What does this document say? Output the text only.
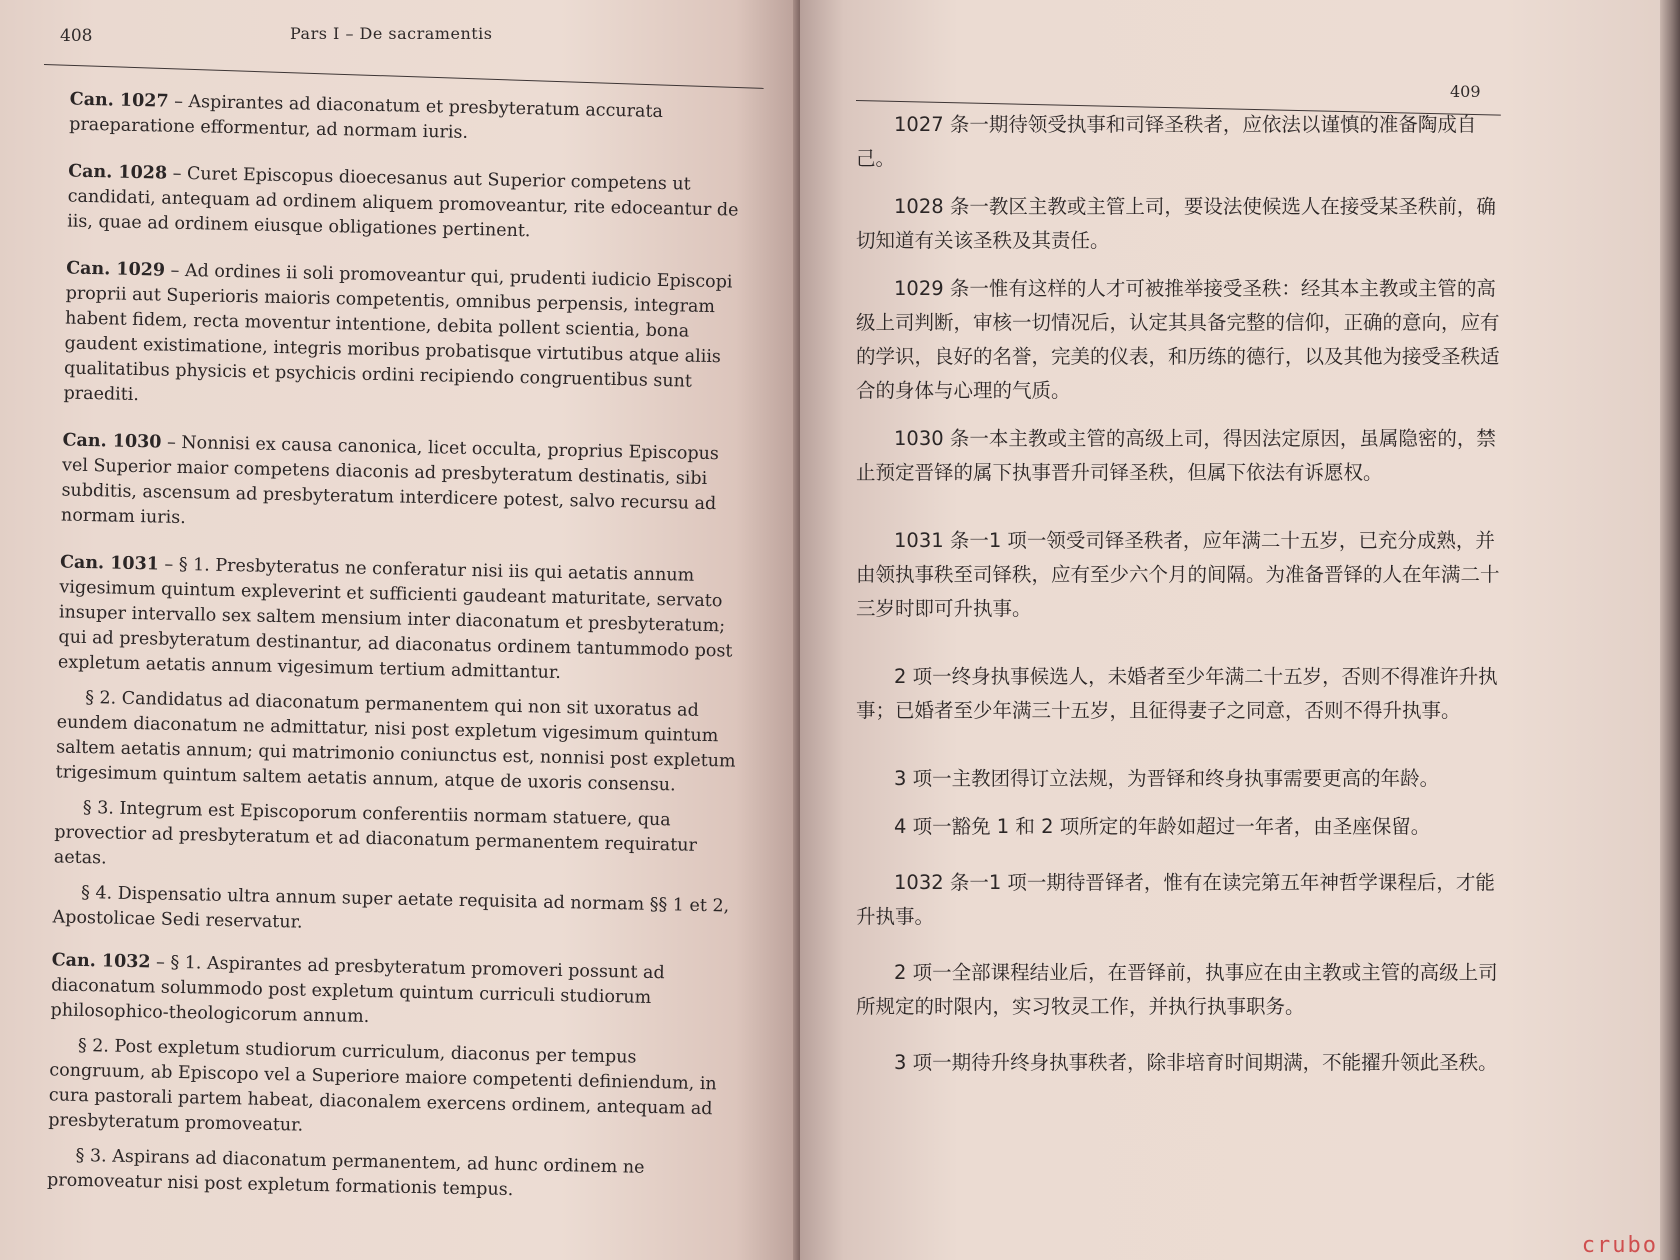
408	Pars I – De sacramentis

Can. 1027 – Aspirantes ad diaconatum et presbyteratum accurata praeparatione efformentur, ad normam iuris.

Can. 1028 – Curet Episcopus dioecesanus aut Superior competens ut candidati, antequam ad ordinem aliquem promoveantur, rite edoceantur de iis, quae ad ordinem eiusque obligationes pertinent.

Can. 1029 – Ad ordines ii soli promoveantur qui, prudenti iudicio Episcopi proprii aut Superioris maioris competentis, omnibus perpensis, integram habent fidem, recta moventur intentione, debita pollent scientia, bona gaudent existimatione, integris moribus probatisque virtutibus atque aliis qualitatibus physicis et psychicis ordini recipiendo congruentibus sunt praediti.

Can. 1030 – Nonnisi ex causa canonica, licet occulta, proprius Episcopus vel Superior maior competens diaconis ad presbyteratum destinatis, sibi subditis, ascensum ad presbyteratum interdicere potest, salvo recursu ad normam iuris.

Can. 1031 – § 1. Presbyteratus ne conferatur nisi iis qui aetatis annum vigesimum quintum expleverint et sufficienti gaudeant maturitate, servato insuper intervallo sex saltem mensium inter diaconatum et presbyteratum; qui ad presbyteratum destinantur, ad diaconatus ordinem tantummodo post expletum aetatis annum vigesimum tertium admittantur.

§ 2. Candidatus ad diaconatum permanentem qui non sit uxoratus ad eundem diaconatum ne admittatur, nisi post expletum vigesimum quintum saltem aetatis annum; qui matrimonio coniunctus est, nonnisi post expletum trigesimum quintum saltem aetatis annum, atque de uxoris consensu.

§ 3. Integrum est Episcoporum conferentiis normam statuere, qua provectior ad presbyteratum et ad diaconatum permanentem requiratur aetas.

§ 4. Dispensatio ultra annum super aetate requisita ad normam §§ 1 et 2, Apostolicae Sedi reservatur.

Can. 1032 – § 1. Aspirantes ad presbyteratum promoveri possunt ad diaconatum solummodo post expletum quintum curriculi studiorum philosophico-theologicorum annum.

§ 2. Post expletum studiorum curriculum, diaconus per tempus congruum, ab Episcopo vel a Superiore maiore competenti definiendum, in cura pastorali partem habeat, diaconalem exercens ordinem, antequam ad presbyteratum promoveatur.

§ 3. Aspirans ad diaconatum permanentem, ad hunc ordinem ne promoveatur nisi post expletum formationis tempus.

409

1027 条一期待领受执事和司铎圣秩者，应依法以谨慎的准备陶成自己。

1028 条一教区主教或主管上司，要设法使候选人在接受某圣秩前，确切知道有关该圣秩及其责任。

1029 条一惟有这样的人才可被推举接受圣秩：经其本主教或主管的高级上司判断，审核一切情况后，认定其具备完整的信仰，正确的意向，应有的学识，良好的名誉，完美的仪表，和历练的德行，以及其他为接受圣秩适合的身体与心理的气质。

1030 条一本主教或主管的高级上司，得因法定原因，虽属隐密的，禁止预定晋铎的属下执事晋升司铎圣秩，但属下依法有诉愿权。

1031 条一1 项一领受司铎圣秩者，应年满二十五岁，已充分成熟，并由领执事秩至司铎秩，应有至少六个月的间隔。为准备晋铎的人在年满二十三岁时即可升执事。

2 项一终身执事候选人，未婚者至少年满二十五岁，否则不得准许升执事；已婚者至少年满三十五岁，且征得妻子之同意，否则不得升执事。

3 项一主教团得订立法规，为晋铎和终身执事需要更高的年龄。

4 项一豁免 1 和 2 项所定的年龄如超过一年者，由圣座保留。

1032 条一1 项一期待晋铎者，惟有在读完第五年神哲学课程后，才能升执事。

2 项一全部课程结业后，在晋铎前，执事应在由主教或主管的高级上司所规定的时限内，实习牧灵工作，并执行执事职务。

3 项一期待升终身执事秩者，除非培育时间期满，不能擢升领此圣秩。

crubo
